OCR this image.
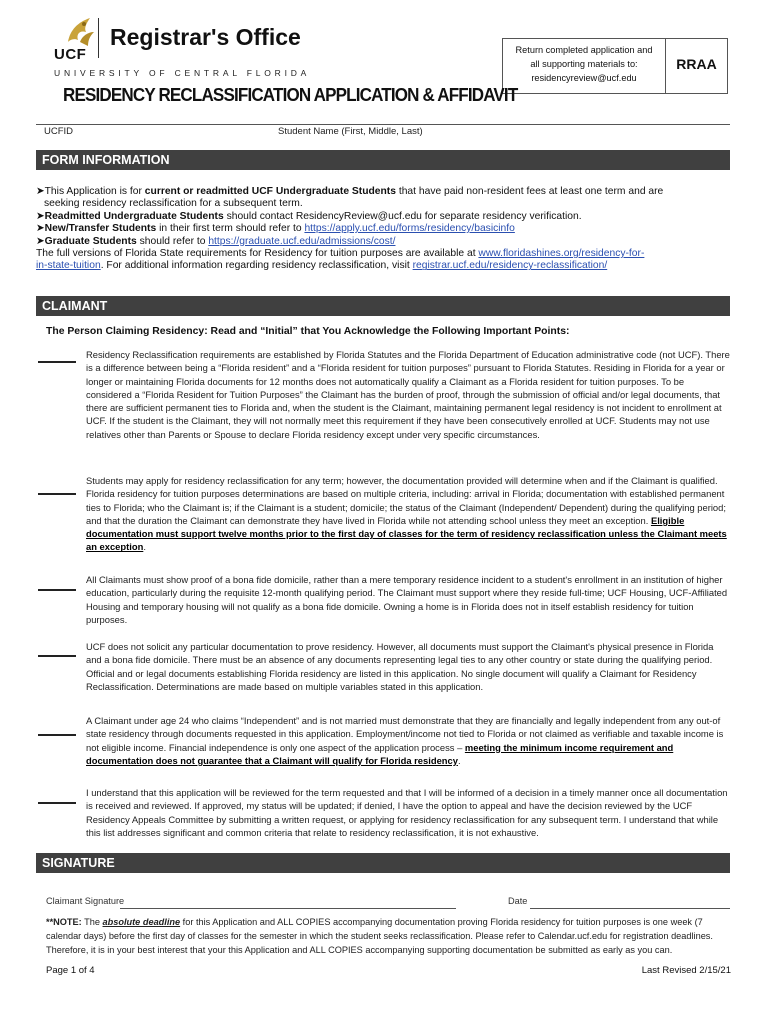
UCF
Registrar's Office
UNIVERSITY OF CENTRAL FLORIDA
Return completed application and
all supporting materials to:
residencyreview@ucf.edu
RRAA
RESIDENCY RECLASSIFICATION APPLICATION & AFFIDAVIT
UCFID	Student Name (First, Middle, Last)
FORM INFORMATION

➤This Application is for current or readmitted UCF Undergraduate Students that have paid non-resident fees at least one term and are

seeking residency reclassification for a subsequent term.

➤Readmitted Undergraduate Students should contact ResidencyReview@ucf.edu for separate residency verification.

➤New/Transfer Students in their first term should refer to https://apply.ucf.edu/forms/residency/basicinfo

➤Graduate Students should refer to https://graduate.ucf.edu/admissions/cost/

The full versions of Florida State requirements for Residency for tuition purposes are available at www.floridashines.org/residency-for-
in-state-tuition. For additional information regarding residency reclassification, visit registrar.ucf.edu/residency-reclassification/

CLAIMANT
The Person Claiming Residency: Read and “Initial” that You Acknowledge the Following Important Points:
Residency Reclassification requirements are established by Florida Statutes and the Florida Department of Education administrative code (not UCF). There is a difference between being a “Florida resident” and a “Florida resident for tuition purposes” pursuant to Florida Statutes. Residing in Florida for a year or longer or maintaining Florida documents for 12 months does not automatically qualify a Claimant as a Florida resident for tuition purposes. To be considered a “Florida Resident for Tuition Purposes” the Claimant has the burden of proof, through the submission of official and/or legal documents, that there are sufficient permanent ties to Florida and, when the student is the Claimant, maintaining permanent legal residency is not incident to enrollment at UCF. If the student is the Claimant, they will not normally meet this requirement if they have been consecutively enrolled at UCF. Students may not use relatives other than Parents or Spouse to declare Florida residency except under very specific circumstances.
Students may apply for residency reclassification for any term; however, the documentation provided will determine when and if the Claimant is qualified. Florida residency for tuition purposes determinations are based on multiple criteria, including: arrival in Florida; documentation with established permanent ties to Florida; who the Claimant is; if the Claimant is a student; domicile; the status of the Claimant (Independent/ Dependent) during the qualifying period; and that the duration the Claimant can demonstrate they have lived in Florida while not attending school unless they meet an exception. Eligible documentation must support twelve months prior to the first day of classes for the term of residency reclassification unless the Claimant meets an exception.
All Claimants must show proof of a bona fide domicile, rather than a mere temporary residence incident to a student's enrollment in an institution of higher education, particularly during the requisite 12-month qualifying period. The Claimant must support where they reside full-time; UCF Housing, UCF-Affiliated Housing and temporary housing will not qualify as a bona fide domicile. Owning a home is in Florida does not in itself establish residency for tuition purposes.
UCF does not solicit any particular documentation to prove residency. However, all documents must support the Claimant's physical presence in Florida and a bona fide domicile. There must be an absence of any documents representing legal ties to any other country or state during the qualifying period. Official and or legal documents establishing Florida residency are listed in this application. No single document will qualify a Claimant for Residency Reclassification. Determinations are made based on multiple variables stated in this application.
A Claimant under age 24 who claims “Independent” and is not married must demonstrate that they are financially and legally independent from any out-of state residency through documents requested in this application. Employment/income not tied to Florida or not claimed as verifiable and taxable income is not eligible income. Financial independence is only one aspect of the application process – meeting the minimum income requirement and documentation does not guarantee that a Claimant will qualify for Florida residency.
I understand that this application will be reviewed for the term requested and that I will be informed of a decision in a timely manner once all documentation is received and reviewed. If approved, my status will be updated; if denied, I have the option to appeal and have the decision reviewed by the UCF Residency Appeals Committee by submitting a written request, or applying for residency reclassification for any subsequent term. I understand that while this list addresses significant and common criteria that relate to residency reclassification, it is not exhaustive.
SIGNATURE
Claimant Signature	Date
**NOTE: The absolute deadline for this Application and ALL COPIES accompanying documentation proving Florida residency for tuition purposes is one week (7 calendar days) before the first day of classes for the semester in which the student seeks reclassification. Please refer to Calendar.ucf.edu for registration deadlines. Therefore, it is in your best interest that your this Application and ALL COPIES accompanying supporting documentation be submitted as early as you can.
Page 1 of 4	Last Revised 2/15/21
